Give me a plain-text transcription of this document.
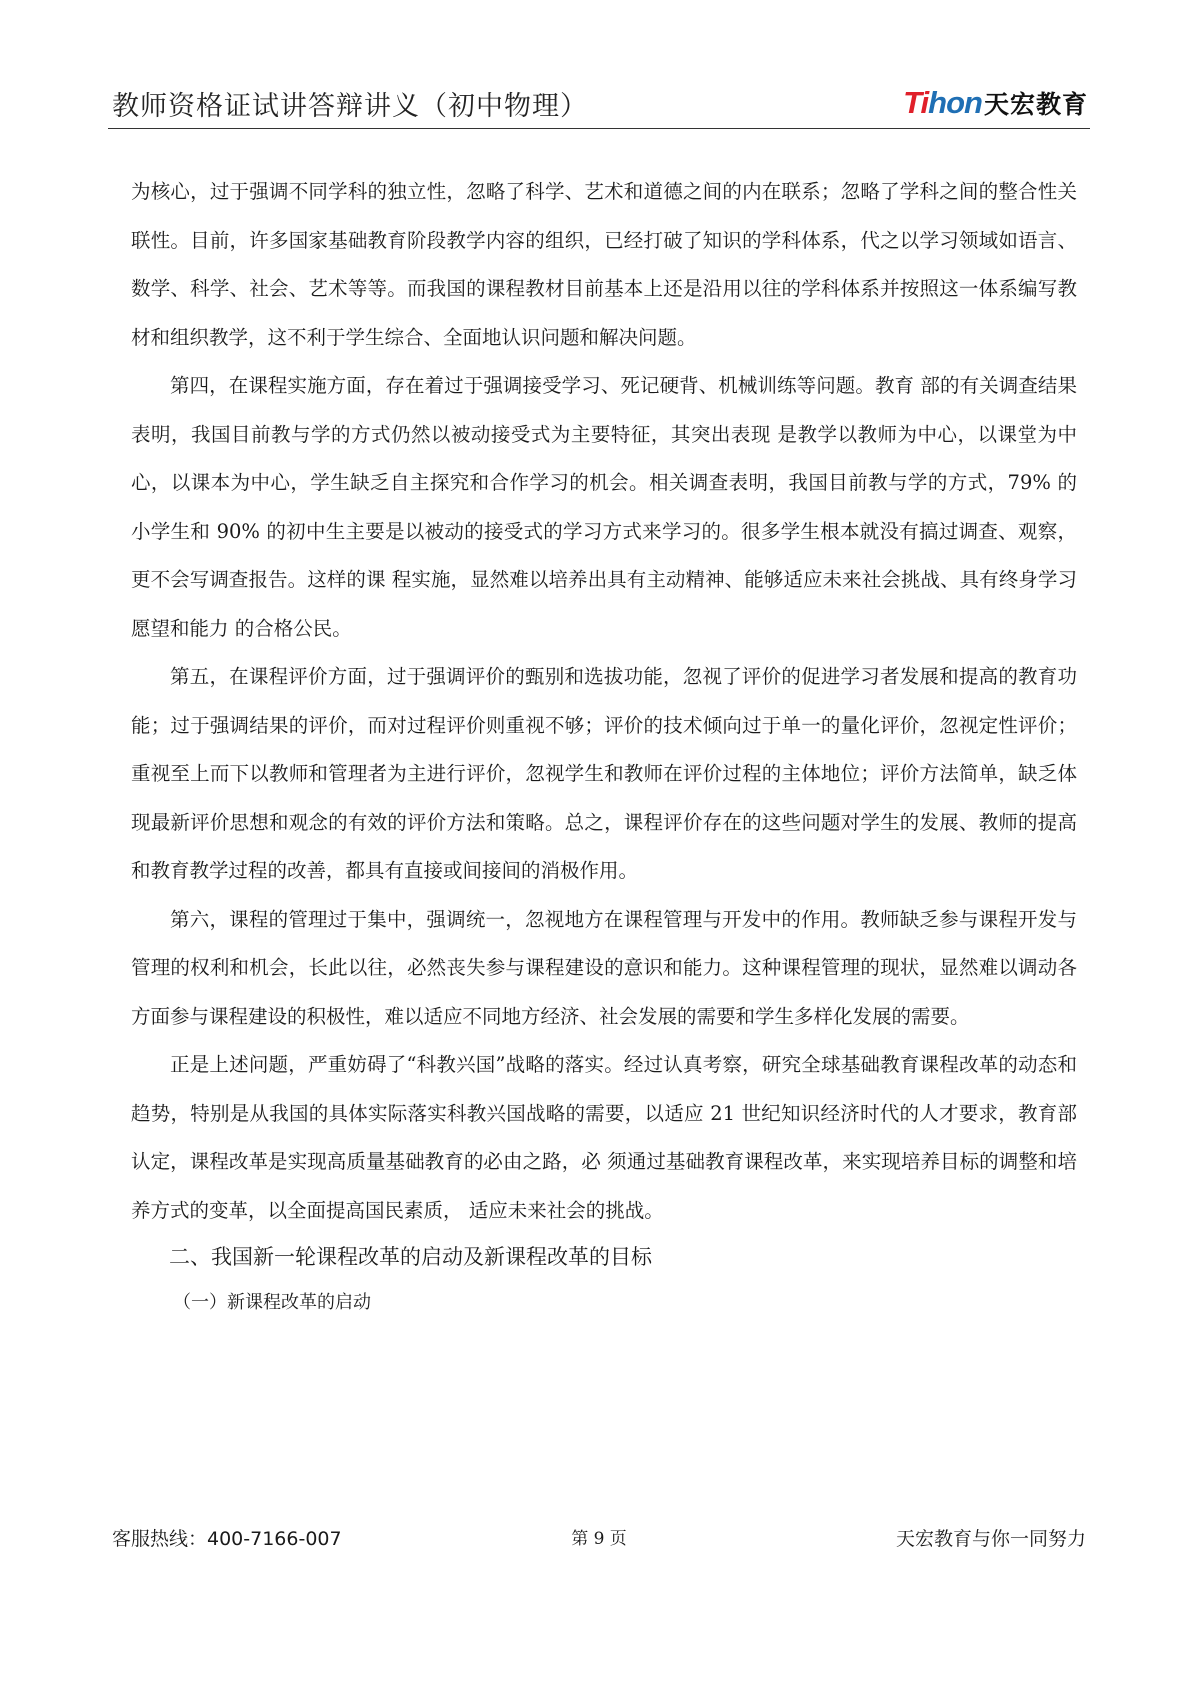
教师资格证试讲答辩讲义（初中物理）	Tihon 天宏教育

为核心，过于强调不同学科的独立性，忽略了科学、艺术和道德之间的内在联系；忽略了学科之间的整合性关联性。目前，许多国家基础教育阶段教学内容的组织，已经打破了知识的学科体系，代之以学习领域如语言、数学、科学、社会、艺术等等。而我国的课程教材目前基本上还是沿用以往的学科体系并按照这一体系编写教材和组织教学，这不利于学生综合、全面地认识问题和解决问题。

第四，在课程实施方面，存在着过于强调接受学习、死记硬背、机械训练等问题。教育 部的有关调查结果表明，我国目前教与学的方式仍然以被动接受式为主要特征，其突出表现 是教学以教师为中心，以课堂为中心，以课本为中心，学生缺乏自主探究和合作学习的机会。相关调查表明，我国目前教与学的方式，79% 的小学生和 90% 的初中生主要是以被动的接受式的学习方式来学习的。很多学生根本就没有搞过调查、观察，更不会写调查报告。这样的课 程实施，显然难以培养出具有主动精神、能够适应未来社会挑战、具有终身学习愿望和能力 的合格公民。

第五，在课程评价方面，过于强调评价的甄别和选拔功能，忽视了评价的促进学习者发展和提高的教育功能；过于强调结果的评价，而对过程评价则重视不够；评价的技术倾向过于单一的量化评价，忽视定性评价；重视至上而下以教师和管理者为主进行评价，忽视学生和教师在评价过程的主体地位；评价方法简单，缺乏体现最新评价思想和观念的有效的评价方法和策略。总之，课程评价存在的这些问题对学生的发展、教师的提高和教育教学过程的改善，都具有直接或间接间的消极作用。

第六，课程的管理过于集中，强调统一，忽视地方在课程管理与开发中的作用。教师缺乏参与课程开发与管理的权利和机会，长此以往，必然丧失参与课程建设的意识和能力。这种课程管理的现状，显然难以调动各方面参与课程建设的积极性，难以适应不同地方经济、社会发展的需要和学生多样化发展的需要。

正是上述问题，严重妨碍了“科教兴国”战略的落实。经过认真考察，研究全球基础教育课程改革的动态和趋势，特别是从我国的具体实际落实科教兴国战略的需要，以适应 21 世纪知识经济时代的人才要求，教育部认定，课程改革是实现高质量基础教育的必由之路，必 须通过基础教育课程改革，来实现培养目标的调整和培养方式的变革，以全面提高国民素质， 适应未来社会的挑战。

二、我国新一轮课程改革的启动及新课程改革的目标

（一）新课程改革的启动

客服热线：400-7166-007	第 9 页	天宏教育与你一同努力
